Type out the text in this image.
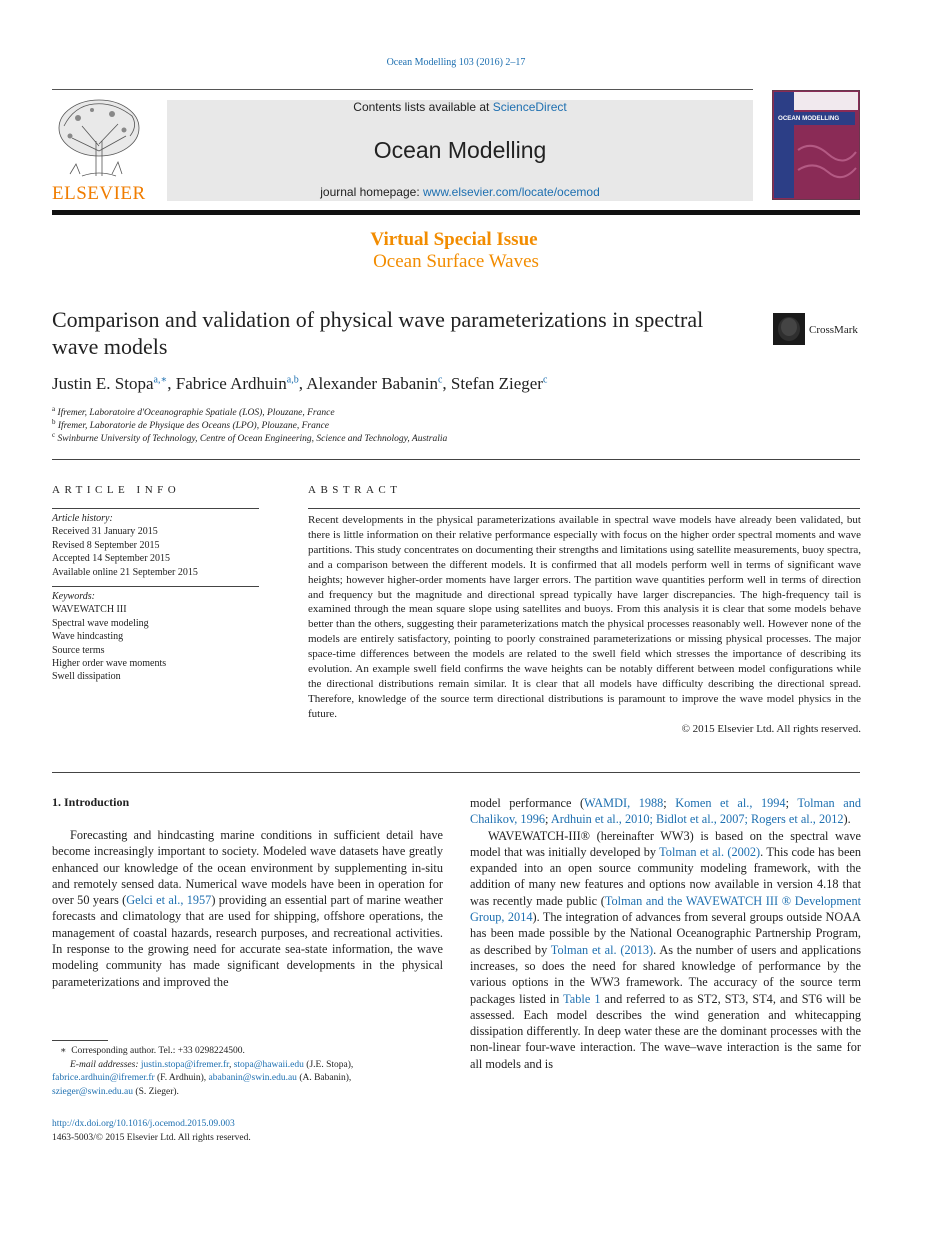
Ocean Modelling 103 (2016) 2–17
ELSEVIER
Contents lists available at ScienceDirect
Ocean Modelling
journal homepage: www.elsevier.com/locate/ocemod
OCEAN MODELLING
Virtual Special Issue
Ocean Surface Waves
Comparison and validation of physical wave parameterizations in spectral wave models
CrossMark
Justin E. Stopa$^{a,∗}$, Fabrice Ardhuin$^{a,b}$, Alexander Babanin$^c$, Stefan Zieger$^c$
$^a$ Ifremer, Laboratoire d'Oceanographie Spatiale (LOS), Plouzane, France
$^b$ Ifremer, Laboratorie de Physique des Oceans (LPO), Plouzane, France
$^c$ Swinburne University of Technology, Centre of Ocean Engineering, Science and Technology, Australia
ARTICLE INFO	ABSTRACT
Article history:
Received 31 January 2015
Revised 8 September 2015
Accepted 14 September 2015
Available online 21 September 2015
Keywords:
WAVEWATCH III
Spectral wave modeling
Wave hindcasting
Source terms
Higher order wave moments
Swell dissipation

Recent developments in the physical parameterizations available in spectral wave models have already been validated, but there is little information on their relative performance especially with focus on the higher order spectral moments and wave partitions. This study concentrates on documenting their strengths and limitations using satellite measurements, buoy spectra, and a comparison between the different models. It is confirmed that all models perform well in terms of significant wave heights; however higher-order moments have larger errors. The partition wave quantities perform well in terms of direction and frequency but the magnitude and directional spread typically have larger discrepancies. The high-frequency tail is examined through the mean square slope using satellites and buoys. From this analysis it is clear that some models behave better than the others, suggesting their parameterizations match the physical processes reasonably well. However none of the models are entirely satisfactory, pointing to poorly constrained parameterizations or missing physical processes. The major space-time differences between the models are related to the swell field which stresses the importance of describing its evolution. An example swell field confirms the wave heights can be notably different between model configurations while the directional distributions remain similar. It is clear that all models have difficulty describing the directional spread. Therefore, knowledge of the source term directional distributions is paramount to improve the wave model physics in the future.

© 2015 Elsevier Ltd. All rights reserved.

1. Introduction

Forecasting and hindcasting marine conditions in sufficient detail have become increasingly important to society. Modeled wave datasets have greatly enhanced our knowledge of the ocean environment by supplementing in-situ and remotely sensed data. Numerical wave models have been in operation for over 50 years (Gelci et al., 1957) providing an essential part of marine weather forecasts and climatology that are used for shipping, offshore operations, the management of coastal hazards, research purposes, and recreational activities. In response to the growing need for accurate sea-state information, the wave modeling community has made significant developments in the physical parameterizations and improved the

model performance (WAMDI, 1988; Komen et al., 1994; Tolman and Chalikov, 1996; Ardhuin et al., 2010; Bidlot et al., 2007; Rogers et al., 2012).

WAVEWATCH-III® (hereinafter WW3) is based on the spectral wave model that was initially developed by Tolman et al. (2002). This code has been expanded into an open source community modeling framework, with the addition of many new features and options now available in version 4.18 that was recently made public (Tolman and the WAVEWATCH III ® Development Group, 2014). The integration of advances from several groups outside NOAA has been made possible by the National Oceanographic Partnership Program, as described by Tolman et al. (2013). As the number of users and applications increases, so does the need for shared knowledge of performance by the various options in the WW3 framework. The accuracy of the source term packages listed in Table 1 and referred to as ST2, ST3, ST4, and ST6 will be assessed. Each model describes the wind generation and whitecapping dissipation differently. In deep water these are the dominant processes with the non-linear four-wave interaction. The wave–wave interaction is the same for all models and is

∗ Corresponding author. Tel.: +33 0298224500.
E-mail addresses: justin.stopa@ifremer.fr, stopa@hawaii.edu (J.E. Stopa),
fabrice.ardhuin@ifremer.fr (F. Ardhuin), ababanin@swin.edu.au (A. Babanin),
szieger@swin.edu.au (S. Zieger).
http://dx.doi.org/10.1016/j.ocemod.2015.09.003
1463-5003/© 2015 Elsevier Ltd. All rights reserved.
